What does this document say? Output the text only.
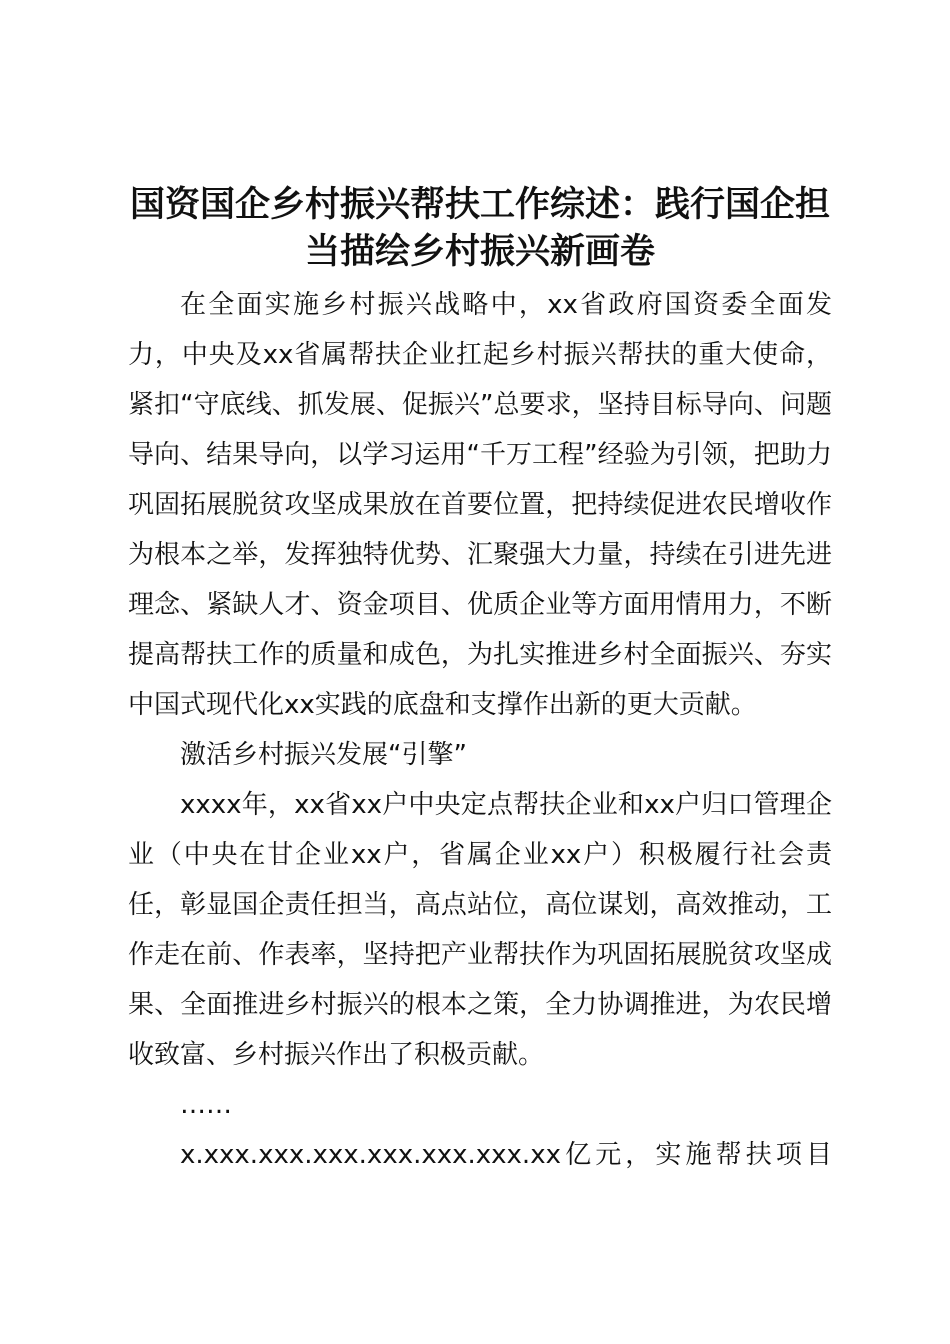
国资国企乡村振兴帮扶工作综述：践行国企担
当描绘乡村振兴新画卷

在全面实施乡村振兴战略中，xx省政府国资委全面发力，中央及xx省属帮扶企业扛起乡村振兴帮扶的重大使命，紧扣“守底线、抓发展、促振兴”总要求，坚持目标导向、问题导向、结果导向，以学习运用“千万工程”经验为引领，把助力巩固拓展脱贫攻坚成果放在首要位置，把持续促进农民增收作为根本之举，发挥独特优势、汇聚强大力量，持续在引进先进理念、紧缺人才、资金项目、优质企业等方面用情用力，不断提高帮扶工作的质量和成色，为扎实推进乡村全面振兴、夯实中国式现代化xx实践的底盘和支撑作出新的更大贡献。

激活乡村振兴发展“引擎”

xxxx年，xx省xx户中央定点帮扶企业和xx户归口管理企业（中央在甘企业xx户，省属企业xx户）积极履行社会责任，彰显国企责任担当，高点站位，高位谋划，高效推动，工作走在前、作表率，坚持把产业帮扶作为巩固拓展脱贫攻坚成果、全面推进乡村振兴的根本之策，全力协调推进，为农民增收致富、乡村振兴作出了积极贡献。

……

x.xxx.xxx.xxx.xxx.xxx.xxx.xx亿元，实施帮扶项目
